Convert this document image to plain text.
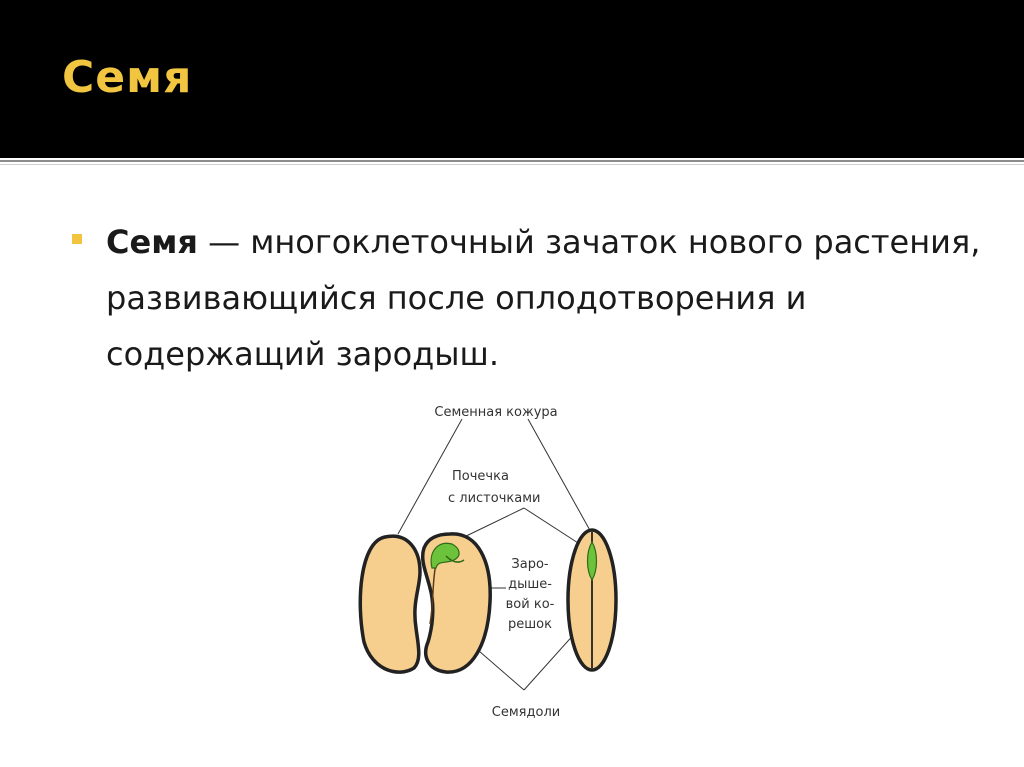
Семя
Семя — многоклеточный зачаток нового растения, развивающийся после оплодотворения и содержащий зародыш.
Семенная кожура
Почечка
с листочками
Заро-
дыше-
вой ко-
решок
Семядоли
